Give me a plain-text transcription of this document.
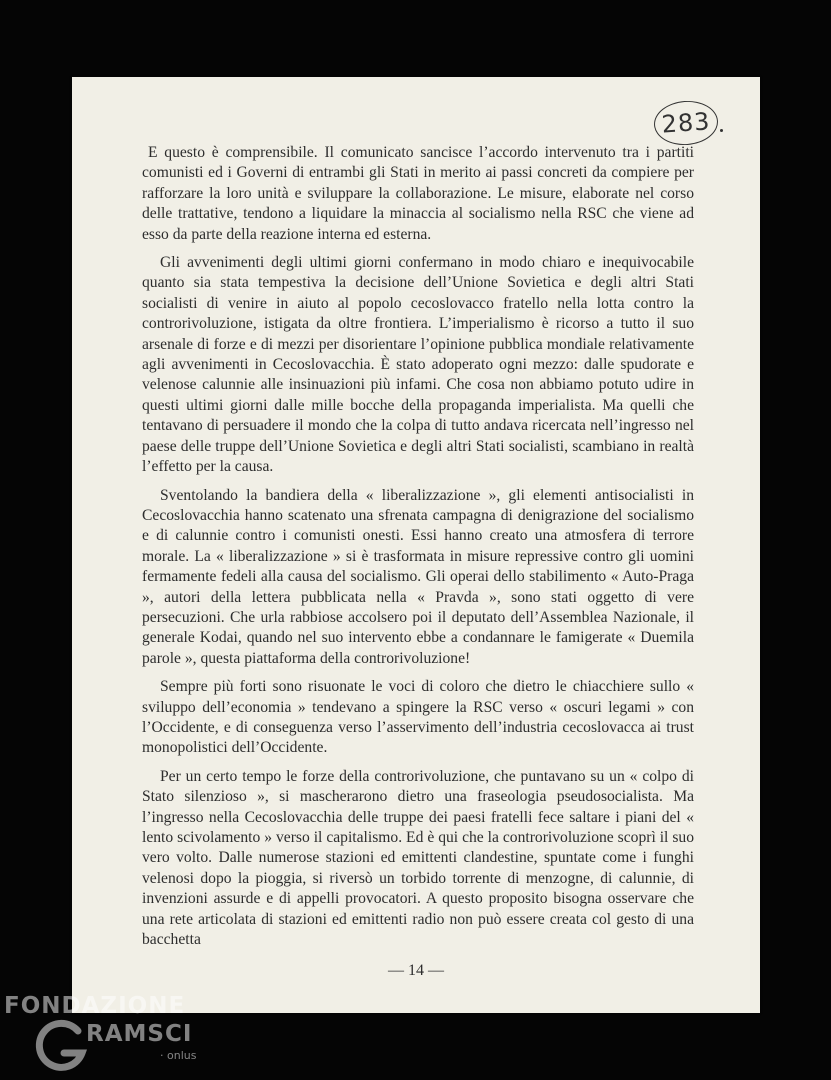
283

E questo è comprensibile. Il comunicato sancisce l’accordo intervenuto tra i partiti comunisti ed i Governi di entrambi gli Stati in merito ai passi concreti da compiere per rafforzare la loro unità e sviluppare la collaborazione. Le misure, elaborate nel corso delle trattative, tendono a liquidare la minaccia al socialismo nella RSC che viene ad esso da parte della reazione interna ed esterna.

Gli avvenimenti degli ultimi giorni confermano in modo chiaro e inequivocabile quanto sia stata tempestiva la decisione dell’Unione Sovietica e degli altri Stati socialisti di venire in aiuto al popolo cecoslovacco fratello nella lotta contro la controrivoluzione, istigata da oltre frontiera. L’imperialismo è ricorso a tutto il suo arsenale di forze e di mezzi per disorientare l’opinione pubblica mondiale relativamente agli avvenimenti in Cecoslovacchia. È stato adoperato ogni mezzo: dalle spudorate e velenose calunnie alle insinuazioni più infami. Che cosa non abbiamo potuto udire in questi ultimi giorni dalle mille bocche della propaganda imperialista. Ma quelli che tentavano di persuadere il mondo che la colpa di tutto andava ricercata nell’ingresso nel paese delle truppe dell’Unione Sovietica e degli altri Stati socialisti, scambiano in realtà l’effetto per la causa.

Sventolando la bandiera della « liberalizzazione », gli elementi antisocialisti in Cecoslovacchia hanno scatenato una sfrenata campagna di denigrazione del socialismo e di calunnie contro i comunisti onesti. Essi hanno creato una atmosfera di terrore morale. La « liberalizzazione » si è trasformata in misure repressive contro gli uomini fermamente fedeli alla causa del socialismo. Gli operai dello stabilimento « Auto-Praga », autori della lettera pubblicata nella « Pravda », sono stati oggetto di vere persecuzioni. Che urla rabbiose accolsero poi il deputato dell’Assemblea Nazionale, il generale Kodai, quando nel suo intervento ebbe a condannare le famigerate « Duemila parole », questa piattaforma della controrivoluzione!

Sempre più forti sono risuonate le voci di coloro che dietro le chiacchiere sullo « sviluppo dell’economia » tendevano a spingere la RSC verso « oscuri legami » con l’Occidente, e di conseguenza verso l’asservimento dell’industria cecoslovacca ai trust monopolistici dell’Occidente.

Per un certo tempo le forze della controrivoluzione, che puntavano su un « colpo di Stato silenzioso », si mascherarono dietro una fraseologia pseudosocialista. Ma l’ingresso nella Cecoslovacchia delle truppe dei paesi fratelli fece saltare i piani del « lento scivolamento » verso il capitalismo. Ed è qui che la controrivoluzione scoprì il suo vero volto. Dalle numerose stazioni ed emittenti clandestine, spuntate come i funghi velenosi dopo la pioggia, si riversò un torbido torrente di menzogne, di calunnie, di invenzioni assurde e di appelli provocatori. A questo proposito bisogna osservare che una rete articolata di stazioni ed emittenti radio non può essere creata col gesto di una bacchetta

— 14 —
FONDAZIONE
RAMSCI
· onlus
